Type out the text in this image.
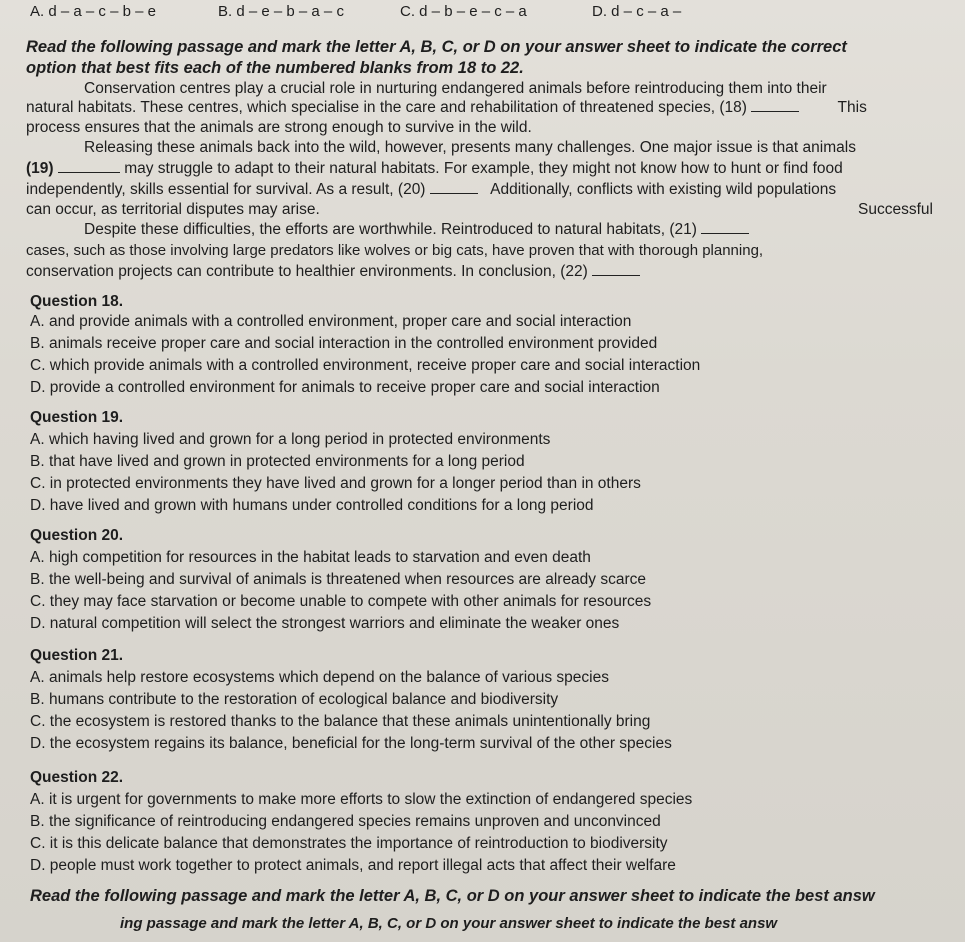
A. d – a – c – b – e	B. d – e – b – a – c	C. d – b – e – c – a	D. d – c – a –
Read the following passage and mark the letter A, B, C, or D on your answer sheet to indicate the correct
option that best fits each of the numbered blanks from 18 to 22.
Conservation centres play a crucial role in nurturing endangered animals before reintroducing them into their
natural habitats. These centres, which specialise in the care and rehabilitation of threatened species, (18)	This
process ensures that the animals are strong enough to survive in the wild.
Releasing these animals back into the wild, however, presents many challenges. One major issue is that animals
(19)	may struggle to adapt to their natural habitats. For example, they might not know how to hunt or find food
independently, skills essential for survival. As a result, (20)	Additionally, conflicts with existing wild populations
can occur, as territorial disputes may arise.	Successful
Despite these difficulties, the efforts are worthwhile. Reintroduced to natural habitats, (21)
cases, such as those involving large predators like wolves or big cats, have proven that with thorough planning,
conservation projects can contribute to healthier environments. In conclusion, (22)
Question 18.
A. and provide animals with a controlled environment, proper care and social interaction
B. animals receive proper care and social interaction in the controlled environment provided
C. which provide animals with a controlled environment, receive proper care and social interaction
D. provide a controlled environment for animals to receive proper care and social interaction
Question 19.
A. which having lived and grown for a long period in protected environments
B. that have lived and grown in protected environments for a long period
C. in protected environments they have lived and grown for a longer period than in others
D. have lived and grown with humans under controlled conditions for a long period
Question 20.
A. high competition for resources in the habitat leads to starvation and even death
B. the well-being and survival of animals is threatened when resources are already scarce
C. they may face starvation or become unable to compete with other animals for resources
D. natural competition will select the strongest warriors and eliminate the weaker ones
Question 21.
A. animals help restore ecosystems which depend on the balance of various species
B. humans contribute to the restoration of ecological balance and biodiversity
C. the ecosystem is restored thanks to the balance that these animals unintentionally bring
D. the ecosystem regains its balance, beneficial for the long-term survival of the other species
Question 22.
A. it is urgent for governments to make more efforts to slow the extinction of endangered species
B. the significance of reintroducing endangered species remains unproven and unconvinced
C. it is this delicate balance that demonstrates the importance of reintroduction to biodiversity
D. people must work together to protect animals, and report illegal acts that affect their welfare
Read the following passage and mark the letter A, B, C, or D on your answer sheet to indicate the best answ
ing passage and mark the letter A, B, C, or D on your answer sheet to indicate the best answ
